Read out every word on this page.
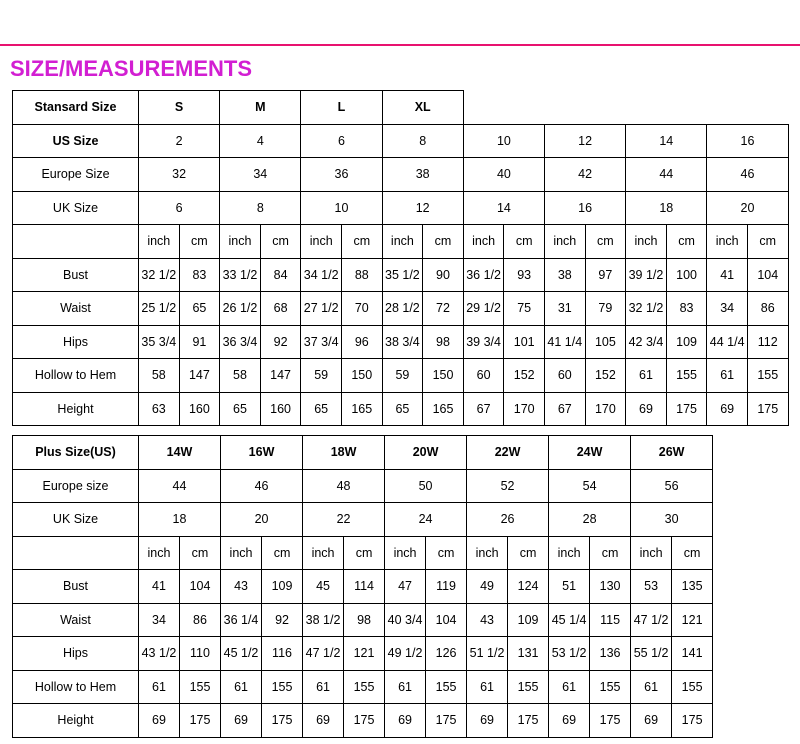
SIZE/MEASUREMENTS
Stansard Size	S		M		L		XL									
US Size	2		4		6		8		10		12		14		16	
Europe Size	32		34		36		38		40		42		44		46	
UK Size	6		8		10		12		14		16		18		20	
	inch	cm	inch	cm	inch	cm	inch	cm	inch	cm	inch	cm	inch	cm	inch	cm
Bust	32 1/2	83	33 1/2	84	34 1/2	88	35 1/2	90	36 1/2	93	38	97	39 1/2	100	41	104
Waist	25 1/2	65	26 1/2	68	27 1/2	70	28 1/2	72	29 1/2	75	31	79	32 1/2	83	34	86
Hips	35 3/4	91	36 3/4	92	37 3/4	96	38 3/4	98	39 3/4	101	41 1/4	105	42 3/4	109	44 1/4	112
Hollow to Hem	58	147	58	147	59	150	59	150	60	152	60	152	61	155	61	155
Height	63	160	65	160	65	165	65	165	67	170	67	170	69	175	69	175
Plus Size(US)	14W		16W		18W		20W		22W		24W		26W	
Europe size	44		46		48		50		52		54		56	
UK Size	18		20		22		24		26		28		30	
	inch	cm	inch	cm	inch	cm	inch	cm	inch	cm	inch	cm	inch	cm
Bust	41	104	43	109	45	114	47	119	49	124	51	130	53	135
Waist	34	86	36 1/4	92	38 1/2	98	40 3/4	104	43	109	45 1/4	115	47 1/2	121
Hips	43 1/2	110	45 1/2	116	47 1/2	121	49 1/2	126	51 1/2	131	53 1/2	136	55 1/2	141
Hollow to Hem	61	155	61	155	61	155	61	155	61	155	61	155	61	155
Height	69	175	69	175	69	175	69	175	69	175	69	175	69	175
